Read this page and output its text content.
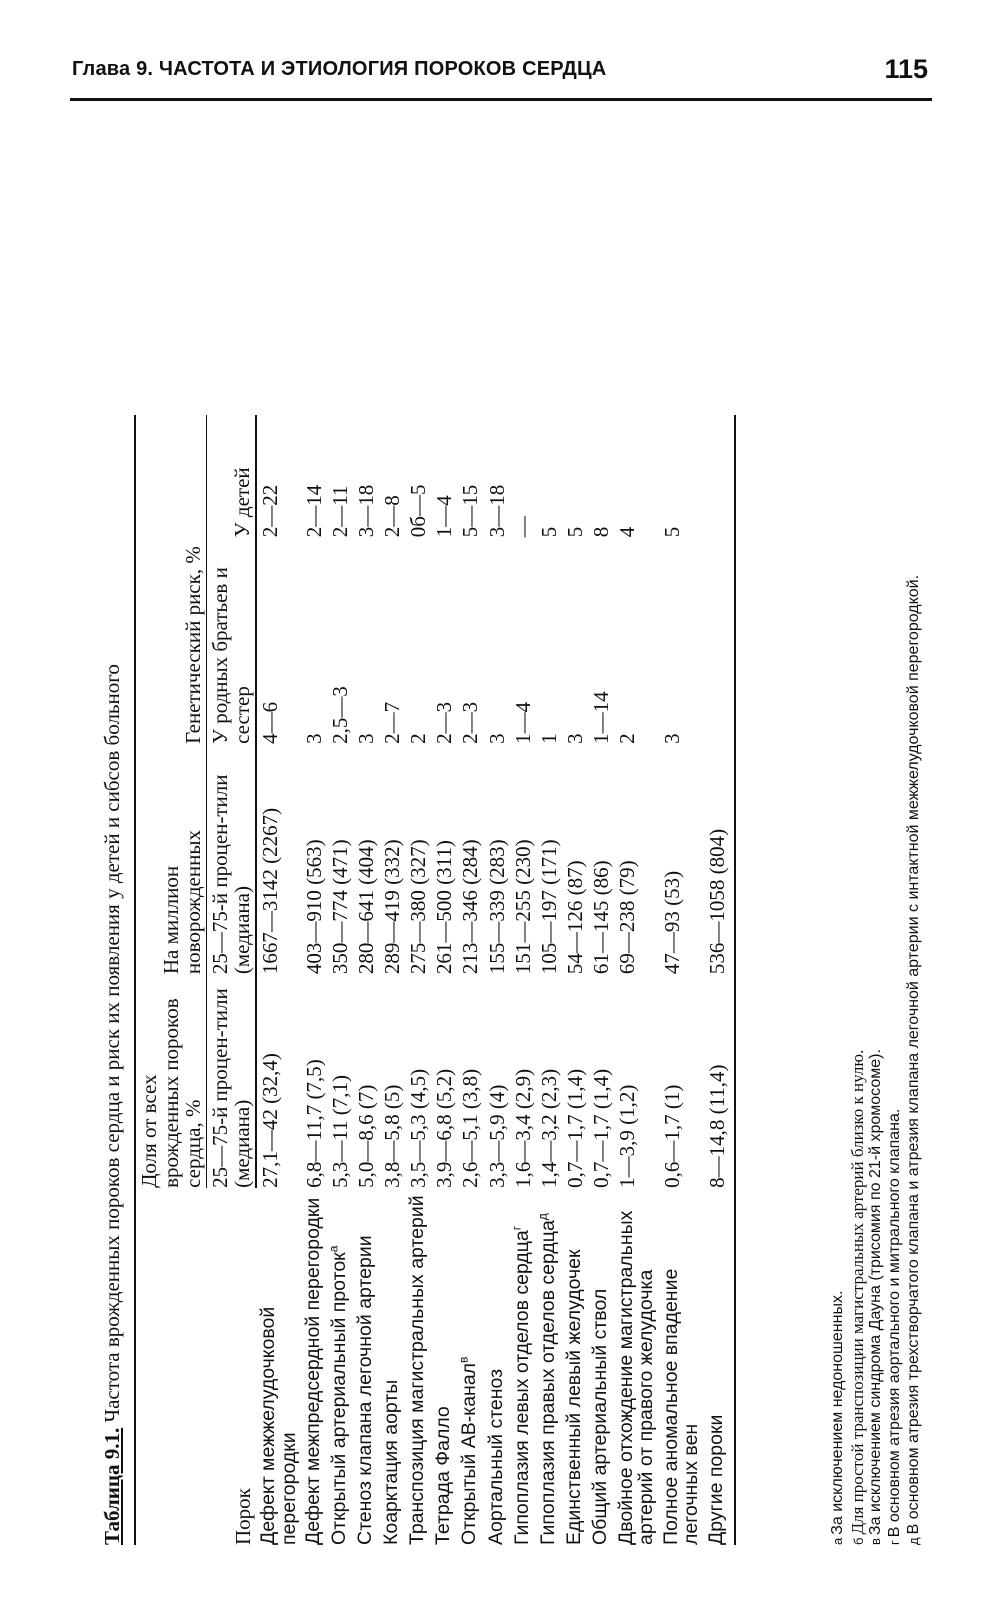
Глава 9. ЧАСТОТА И ЭТИОЛОГИЯ ПОРОКОВ СЕРДЦА	115
Таблица 9.1. Частота врожденных пороков сердца и риск их появления у детей и сибсов больного
Порок	Доля от всех врожденных пороков сердца, %	На миллион новорожденных	Генетический риск, %	
	25—75-й процен-тили (медиана)	25—75-й процен-тили (медиана)	У родных братьев и сестер	У детей
Дефект межжелудочковой перегородки	27,1—42 (32,4)	1667—3142 (2267)	4—6	2—22
Дефект межпредсердной перегородки	6,8—11,7 (7,5)	403—910 (563)	3	2—14
Открытый артериальный проток$^а$	5,3—11 (7,1)	350—774 (471)	2,5—3	2—11
Стеноз клапана легочной артерии	5,0—8,6 (7)	280—641 (404)	3	3—18
Коарктация аорты	3,8—5,8 (5)	289—419 (332)	2—7	2—8
Транспозиция магистральных артерий	3,5—5,3 (4,5)	275—380 (327)	2	0б—5
Тетрада Фалло	3,9—6,8 (5,2)	261—500 (311)	2—3	1—4
Открытый АВ-канал$^в$	2,6—5,1 (3,8)	213—346 (284)	2—3	5—15
Аортальный стеноз	3,3—5,9 (4)	155—339 (283)	3	3—18
Гипоплазия левых отделов сердца$^г$	1,6—3,4 (2,9)	151—255 (230)	1—4	—
Гипоплазия правых отделов сердца$^д$	1,4—3,2 (2,3)	105—197 (171)	1	5
Единственный левый желудочек	0,7—1,7 (1,4)	54—126 (87)	3	5
Общий артериальный ствол	0,7—1,7 (1,4)	61—145 (86)	1—14	8
Двойное отхождение магистральных артерий от правого желудочка	1—3,9 (1,2)	69—238 (79)	2	4
Полное аномальное впадение легочных вен	0,6—1,7 (1)	47—93 (53)	3	5
Другие пороки	8—14,8 (11,4)	536—1058 (804)		
аЗа исключением недоношенных.
бДля простой транспозиции магистральных артерий близко к нулю.
вЗа исключением синдрома Дауна (трисомия по 21-й хромосоме).
гВ основном атрезия аортального и митрального клапана.
дВ основном атрезия трехстворчатого клапана и атрезия клапана легочной артерии с интактной межжелудочковой перегородкой.
